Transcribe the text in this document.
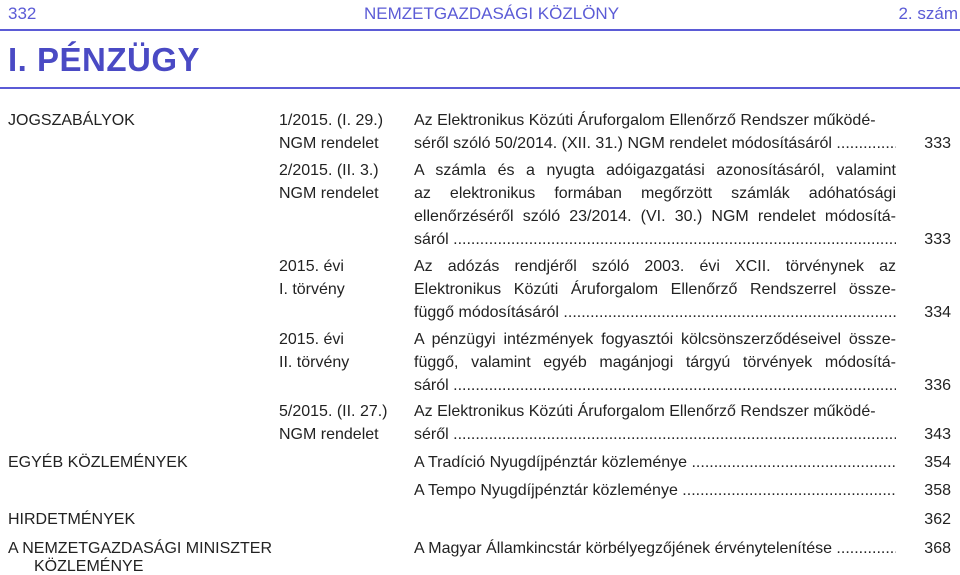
332	NEMZETGAZDASÁGI KÖZLÖNY	2. szám
I. PÉNZÜGY
JOGSZABÁLYOK	1/2015. (I. 29.)
NGM rendelet
Az Elektronikus Közúti Áruforgalom Ellenőrző Rendszer működé-
séről szóló 50/2014. (XII. 31.) NGM rendelet módosításáról .....	333
2/2015. (II. 3.)
NGM rendelet
A számla és a nyugta adóigazgatási azonosításáról, valamint
az elektronikus formában megőrzött számlák adóhatósági
ellenőrzéséről szóló 23/2014. (VI. 30.) NGM rendelet módosítá-
sáról .....	333
2015. évi
I. törvény
Az adózás rendjéről szóló 2003. évi XCII. törvénynek az
Elektronikus Közúti Áruforgalom Ellenőrző Rendszerrel össze-
függő módosításáról .....	334
2015. évi
II. törvény
A pénzügyi intézmények fogyasztói kölcsönszerződéseivel össze-
függő, valamint egyéb magánjogi tárgyú törvények módosítá-
sáról .....	336
5/2015. (II. 27.)
NGM rendelet
Az Elektronikus Közúti Áruforgalom Ellenőrző Rendszer működé-
séről .....	343
EGYÉB KÖZLEMÉNYEK	A Tradíció Nyugdíjpénztár közleménye .....	354
A Tempo Nyugdíjpénztár közleménye .....	358
HIRDETMÉNYEK	362
A NEMZETGAZDASÁGI MINISZTER
KÖZLEMÉNYE
A Magyar Államkincstár körbélyegzőjének érvénytelenítése .....	368
